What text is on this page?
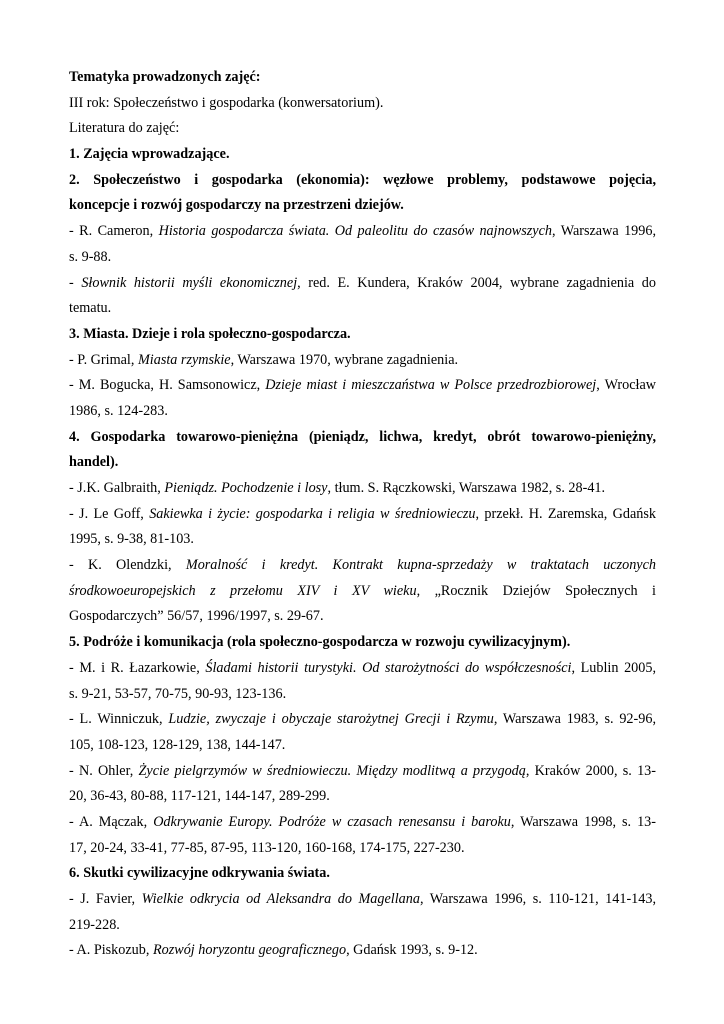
Tematyka prowadzonych zajęć:
III rok: Społeczeństwo i gospodarka (konwersatorium).
Literatura do zajęć:
1. Zajęcia wprowadzające.
2. Społeczeństwo i gospodarka (ekonomia): węzłowe problemy, podstawowe pojęcia,
koncepcje i rozwój gospodarczy na przestrzeni dziejów.
- R. Cameron, Historia gospodarcza świata. Od paleolitu do czasów najnowszych, Warszawa 1996,
s. 9-88.
- Słownik historii myśli ekonomicznej, red. E. Kundera, Kraków 2004, wybrane zagadnienia do
tematu.
3. Miasta. Dzieje i rola społeczno-gospodarcza.
- P. Grimal, Miasta rzymskie, Warszawa 1970, wybrane zagadnienia.
- M. Bogucka, H. Samsonowicz, Dzieje miast i mieszczaństwa w Polsce przedrozbiorowej, Wrocław
1986, s. 124-283.
4. Gospodarka towarowo-pieniężna (pieniądz, lichwa, kredyt, obrót towarowo-pieniężny,
handel).
- J.K. Galbraith, Pieniądz. Pochodzenie i losy, tłum. S. Rączkowski, Warszawa 1982, s. 28-41.
- J. Le Goff, Sakiewka i życie: gospodarka i religia w średniowieczu, przekł. H. Zaremska, Gdańsk
1995, s. 9-38, 81-103.
- K. Olendzki, Moralność i kredyt. Kontrakt kupna-sprzedaży w traktatach uczonych
środkowoeuropejskich z przełomu XIV i XV wieku, „Rocznik Dziejów Społecznych i
Gospodarczych” 56/57, 1996/1997, s. 29-67.
5. Podróże i komunikacja (rola społeczno-gospodarcza w rozwoju cywilizacyjnym).
- M. i R. Łazarkowie, Śladami historii turystyki. Od starożytności do współczesności, Lublin 2005,
s. 9-21, 53-57, 70-75, 90-93, 123-136.
- L. Winniczuk, Ludzie, zwyczaje i obyczaje starożytnej Grecji i Rzymu, Warszawa 1983, s. 92-96,
105, 108-123, 128-129, 138, 144-147.
- N. Ohler, Życie pielgrzymów w średniowieczu. Między modlitwą a przygodą, Kraków 2000, s. 13-
20, 36-43, 80-88, 117-121, 144-147, 289-299.
- A. Mączak, Odkrywanie Europy. Podróże w czasach renesansu i baroku, Warszawa 1998, s. 13-
17, 20-24, 33-41, 77-85, 87-95, 113-120, 160-168, 174-175, 227-230.
6. Skutki cywilizacyjne odkrywania świata.
- J. Favier, Wielkie odkrycia od Aleksandra do Magellana, Warszawa 1996, s. 110-121, 141-143,
219-228.
- A. Piskozub, Rozwój horyzontu geograficznego, Gdańsk 1993, s. 9-12.
